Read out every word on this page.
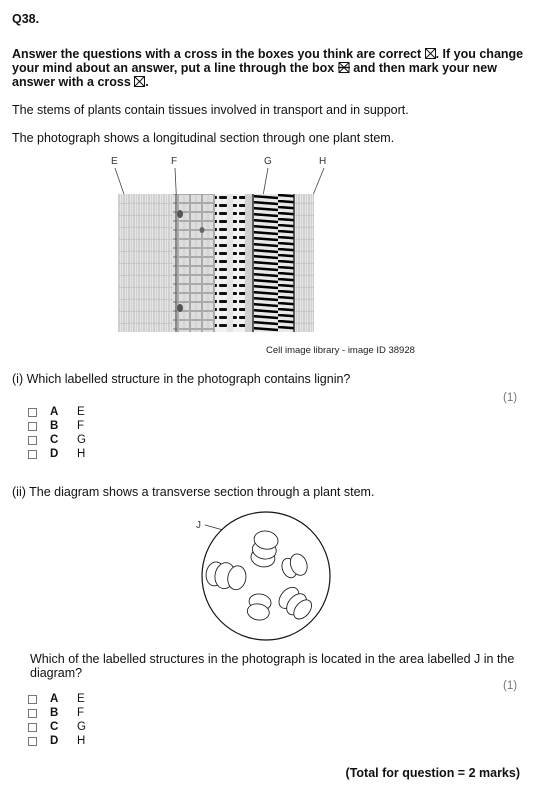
Q38.
Answer the questions with a cross in the boxes you think are correct ☒. If you change your mind about an answer, put a line through the box  and then mark your new answer with a cross ☒.
The stems of plants contain tissues involved in transport and in support.
The photograph shows a longitudinal section through one plant stem.
E	F	G	H
Cell image library - image ID 38928
(i) Which labelled structure in the photograph contains lignin?
(1)
A E
B F
C G
D H
(ii) The diagram shows a transverse section through a plant stem.
J
Which of the labelled structures in the photograph is located in the area labelled J in the diagram?
(1)
A E
B F
C G
D H
(Total for question = 2 marks)
